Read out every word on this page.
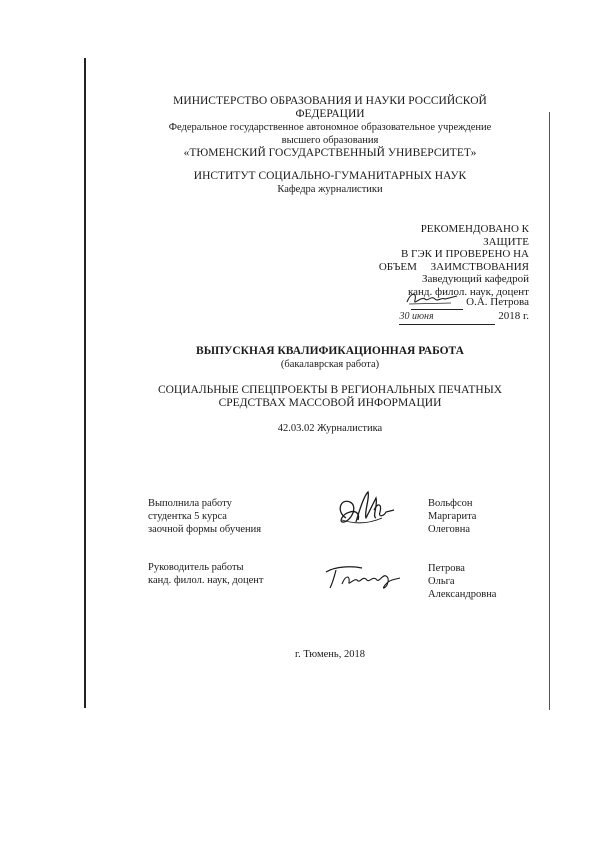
МИНИСТЕРСТВО ОБРАЗОВАНИЯ И НАУКИ РОССИЙСКОЙ
ФЕДЕРАЦИИ
Федеральное государственное автономное образовательное учреждение
высшего образования
«ТЮМЕНСКИЙ ГОСУДАРСТВЕННЫЙ УНИВЕРСИТЕТ»
ИНСТИТУТ СОЦИАЛЬНО-ГУМАНИТАРНЫХ НАУК
Кафедра журналистики
РЕКОМЕНДОВАНО К
ЗАЩИТЕ
В ГЭК И ПРОВЕРЕНО НА
ОБЪЕМ     ЗАИМСТВОВАНИЯ
Заведующий кафедрой
канд. филол. наук, доцент
О.А. Петрова
30 июня	2018 г.
ВЫПУСКНАЯ КВАЛИФИКАЦИОННАЯ РАБОТА
(бакалаврская работа)
СОЦИАЛЬНЫЕ СПЕЦПРОЕКТЫ В РЕГИОНАЛЬНЫХ ПЕЧАТНЫХ
СРЕДСТВАХ МАССОВОЙ ИНФОРМАЦИИ
42.03.02 Журналистика
Выполнила работу
студентка 5 курса
заочной формы обучения
Вольфсон
Маргарита
Олеговна
Руководитель работы
канд. филол. наук, доцент
Петрова
Ольга
Александровна
г. Тюмень, 2018
